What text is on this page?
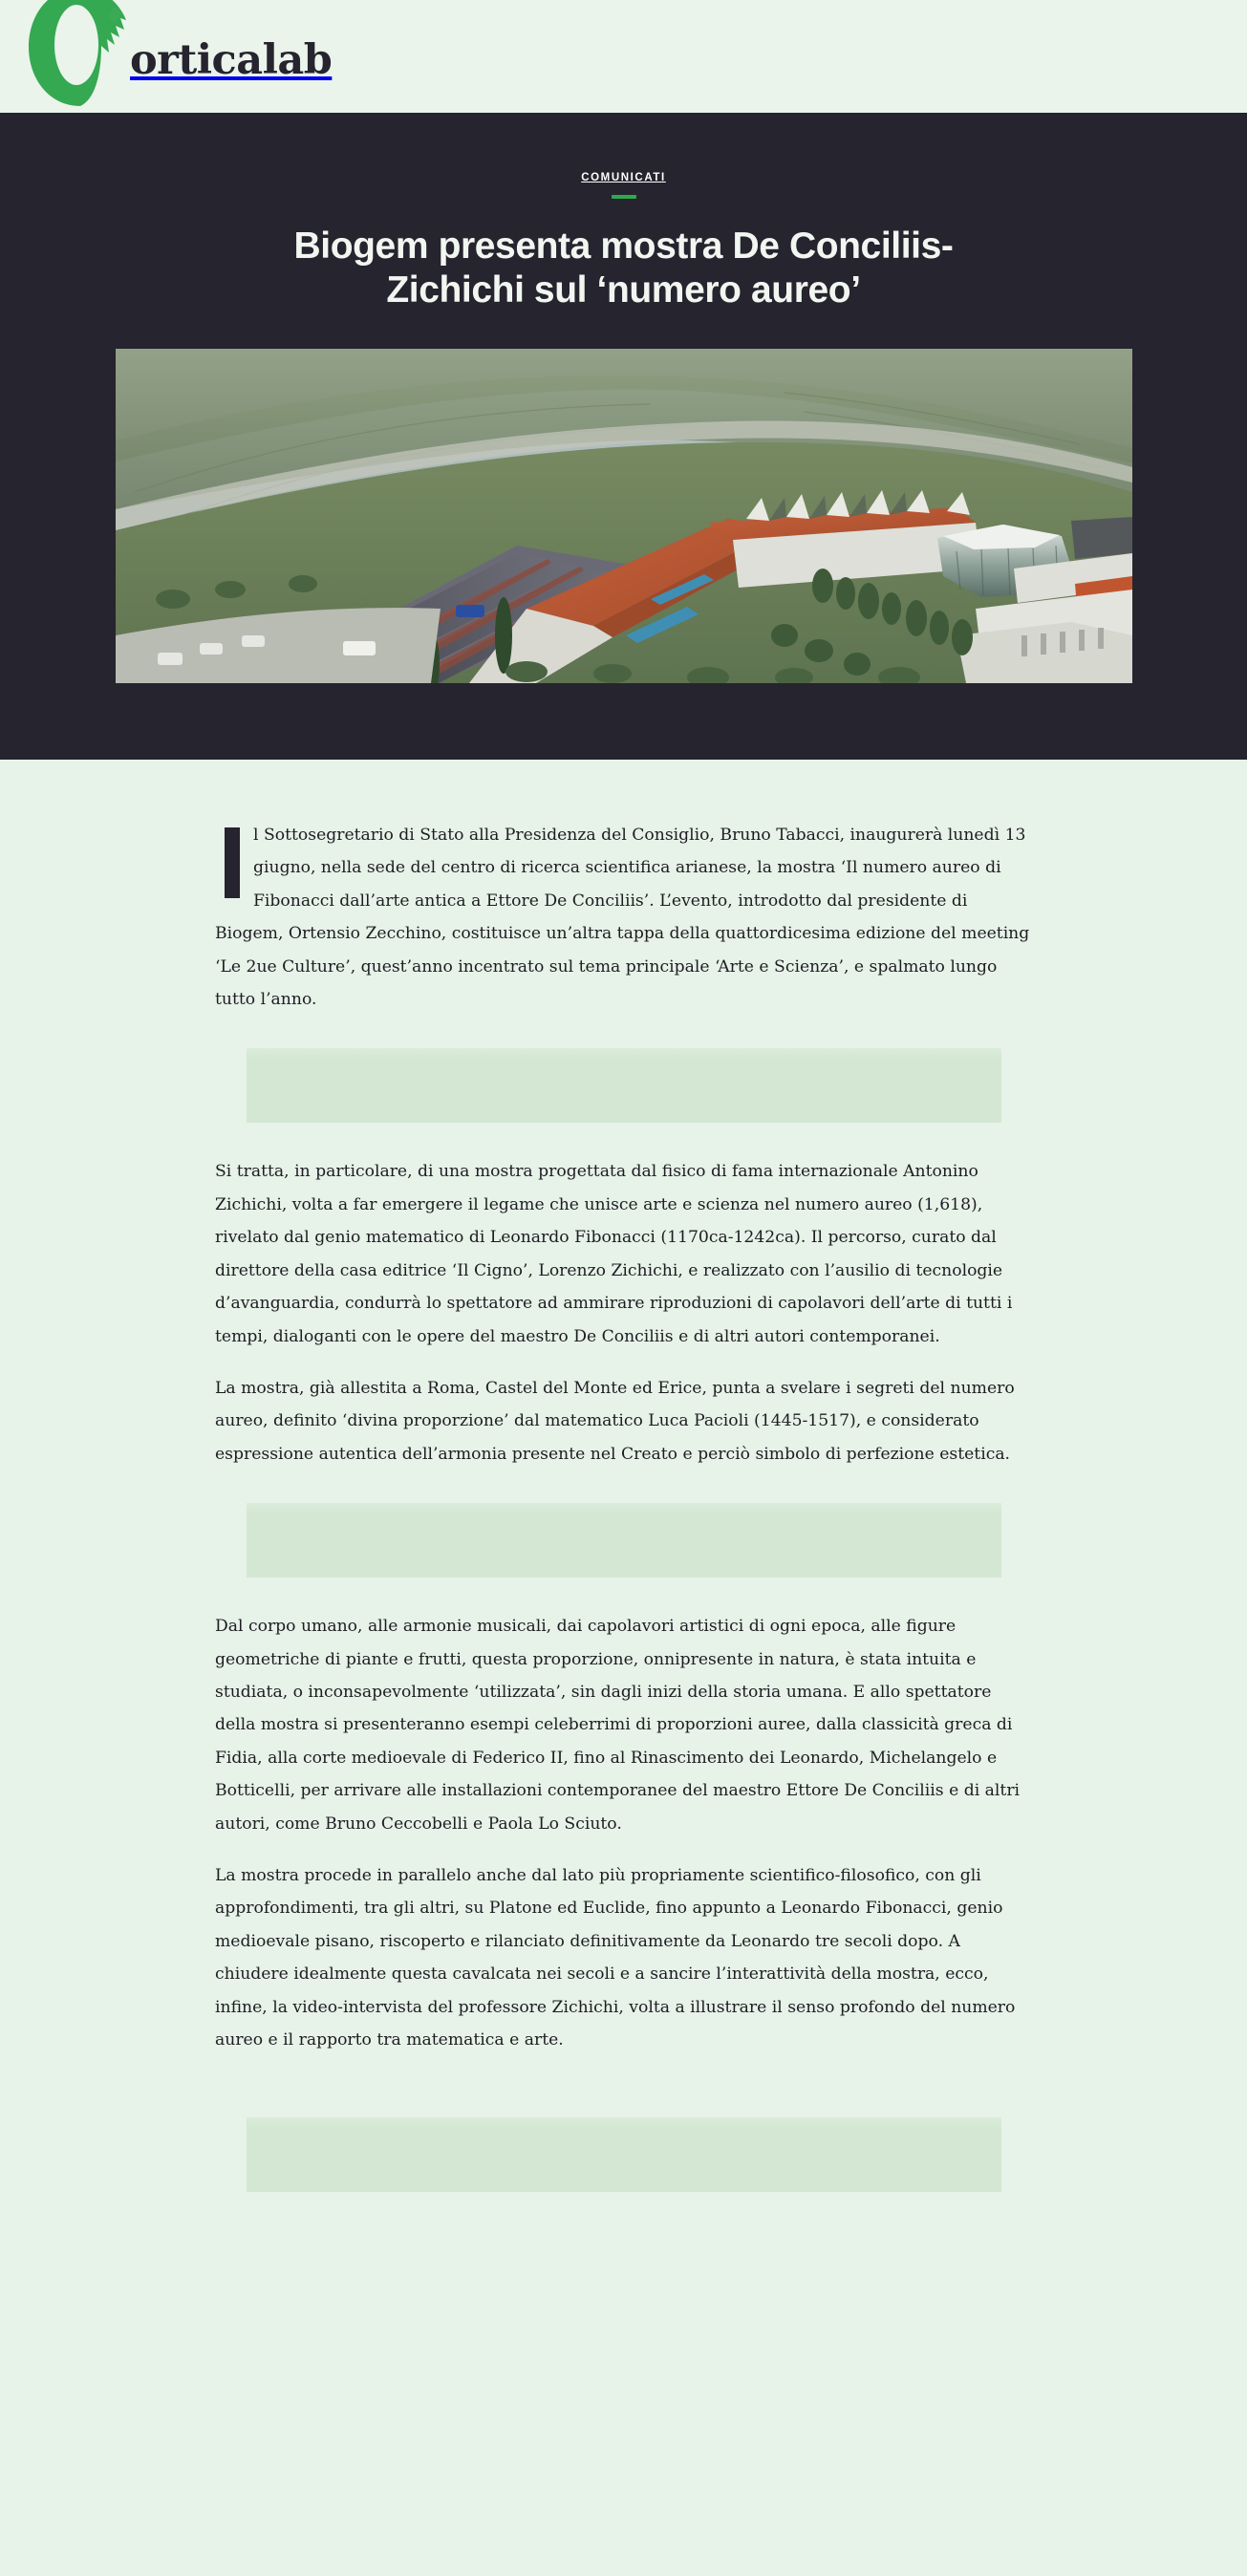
orticalab
COMUNICATI
Biogem presenta mostra De Conciliis-Zichichi sul ‘numero aureo’

l Sottosegretario di Stato alla Presidenza del Consiglio, Bruno Tabacci, inaugurerà lunedì 13 giugno, nella sede del centro di ricerca scientifica arianese, la mostra ‘Il numero aureo di Fibonacci dall’arte antica a Ettore De Conciliis’. L’evento, introdotto dal presidente di Biogem, Ortensio Zecchino, costituisce un’altra tappa della quattordicesima edizione del meeting ‘Le 2ue Culture’, quest’anno incentrato sul tema principale ‘Arte e Scienza’, e spalmato lungo tutto l’anno.

Si tratta, in particolare, di una mostra progettata dal fisico di fama internazionale Antonino Zichichi, volta a far emergere il legame che unisce arte e scienza nel numero aureo (1,618), rivelato dal genio matematico di Leonardo Fibonacci (1170ca-1242ca). Il percorso, curato dal direttore della casa editrice ‘Il Cigno’, Lorenzo Zichichi, e realizzato con l’ausilio di tecnologie d’avanguardia, condurrà lo spettatore ad ammirare riproduzioni di capolavori dell’arte di tutti i tempi, dialoganti con le opere del maestro De Conciliis e di altri autori contemporanei.

La mostra, già allestita a Roma, Castel del Monte ed Erice, punta a svelare i segreti del numero aureo, definito ‘divina proporzione’ dal matematico Luca Pacioli (1445-1517), e considerato espressione autentica dell’armonia presente nel Creato e perciò simbolo di perfezione estetica.

Dal corpo umano, alle armonie musicali, dai capolavori artistici di ogni epoca, alle figure geometriche di piante e frutti, questa proporzione, onnipresente in natura, è stata intuita e studiata, o inconsapevolmente ‘utilizzata’, sin dagli inizi della storia umana. E allo spettatore della mostra si presenteranno esempi celeberrimi di proporzioni auree, dalla classicità greca di Fidia, alla corte medioevale di Federico II, fino al Rinascimento dei Leonardo, Michelangelo e Botticelli, per arrivare alle installazioni contemporanee del maestro Ettore De Conciliis e di altri autori, come Bruno Ceccobelli e Paola Lo Sciuto.

La mostra procede in parallelo anche dal lato più propriamente scientifico-filosofico, con gli approfondimenti, tra gli altri, su Platone ed Euclide, fino appunto a Leonardo Fibonacci, genio medioevale pisano, riscoperto e rilanciato definitivamente da Leonardo tre secoli dopo. A chiudere idealmente questa cavalcata nei secoli e a sancire l’interattività della mostra, ecco, infine, la video-intervista del professore Zichichi, volta a illustrare il senso profondo del numero aureo e il rapporto tra matematica e arte.
